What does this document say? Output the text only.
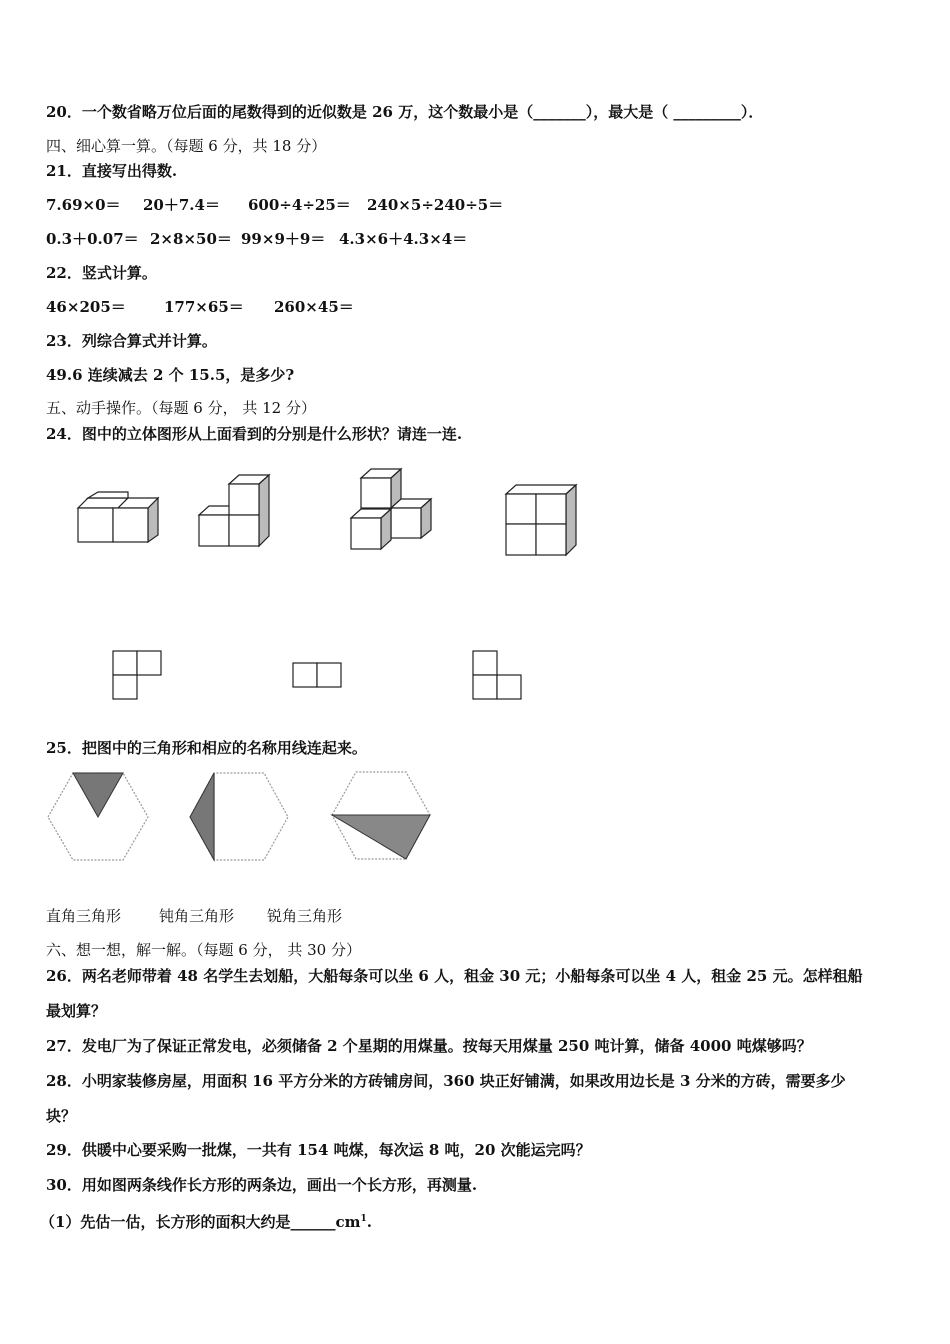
20．一个数省略万位后面的尾数得到的近似数是 26 万，这个数最小是（_______），最大是（ _________）．
四、细心算一算。（每题 6 分，共 18 分）
21．直接写出得数.
7.69×0＝	20＋7.4＝	600÷4÷25＝	240×5÷240÷5＝
0.3＋0.07＝ 2×8×50＝ 99×9＋9＝ 4.3×6＋4.3×4＝
22．竖式计算。
46×205＝	177×65＝	260×45＝
23．列综合算式并计算。
49.6 连续减去 2 个 15.5，是多少?
五、动手操作。（每题 6 分， 共 12 分）
24．图中的立体图形从上面看到的分别是什么形状？请连一连.
25．把图中的三角形和相应的名称用线连起来。
直角三角形	钝角三角形	锐角三角形
六、想一想，解一解。（每题 6 分， 共 30 分）
26．两名老师带着 48 名学生去划船，大船每条可以坐 6 人，租金 30 元；小船每条可以坐 4 人，租金 25 元。怎样租船
最划算？
27．发电厂为了保证正常发电，必须储备 2 个星期的用煤量。按每天用煤量 250 吨计算，储备 4000 吨煤够吗？
28．小明家装修房屋，用面积 16 平方分米的方砖铺房间，360 块正好铺满，如果改用边长是 3 分米的方砖，需要多少
块？
29．供暖中心要采购一批煤，一共有 154 吨煤，每次运 8 吨，20 次能运完吗？
30．用如图两条线作长方形的两条边，画出一个长方形，再测量.
（1）先估一估，长方形的面积大约是$\_\_\_\_\_\_cm^1$.
